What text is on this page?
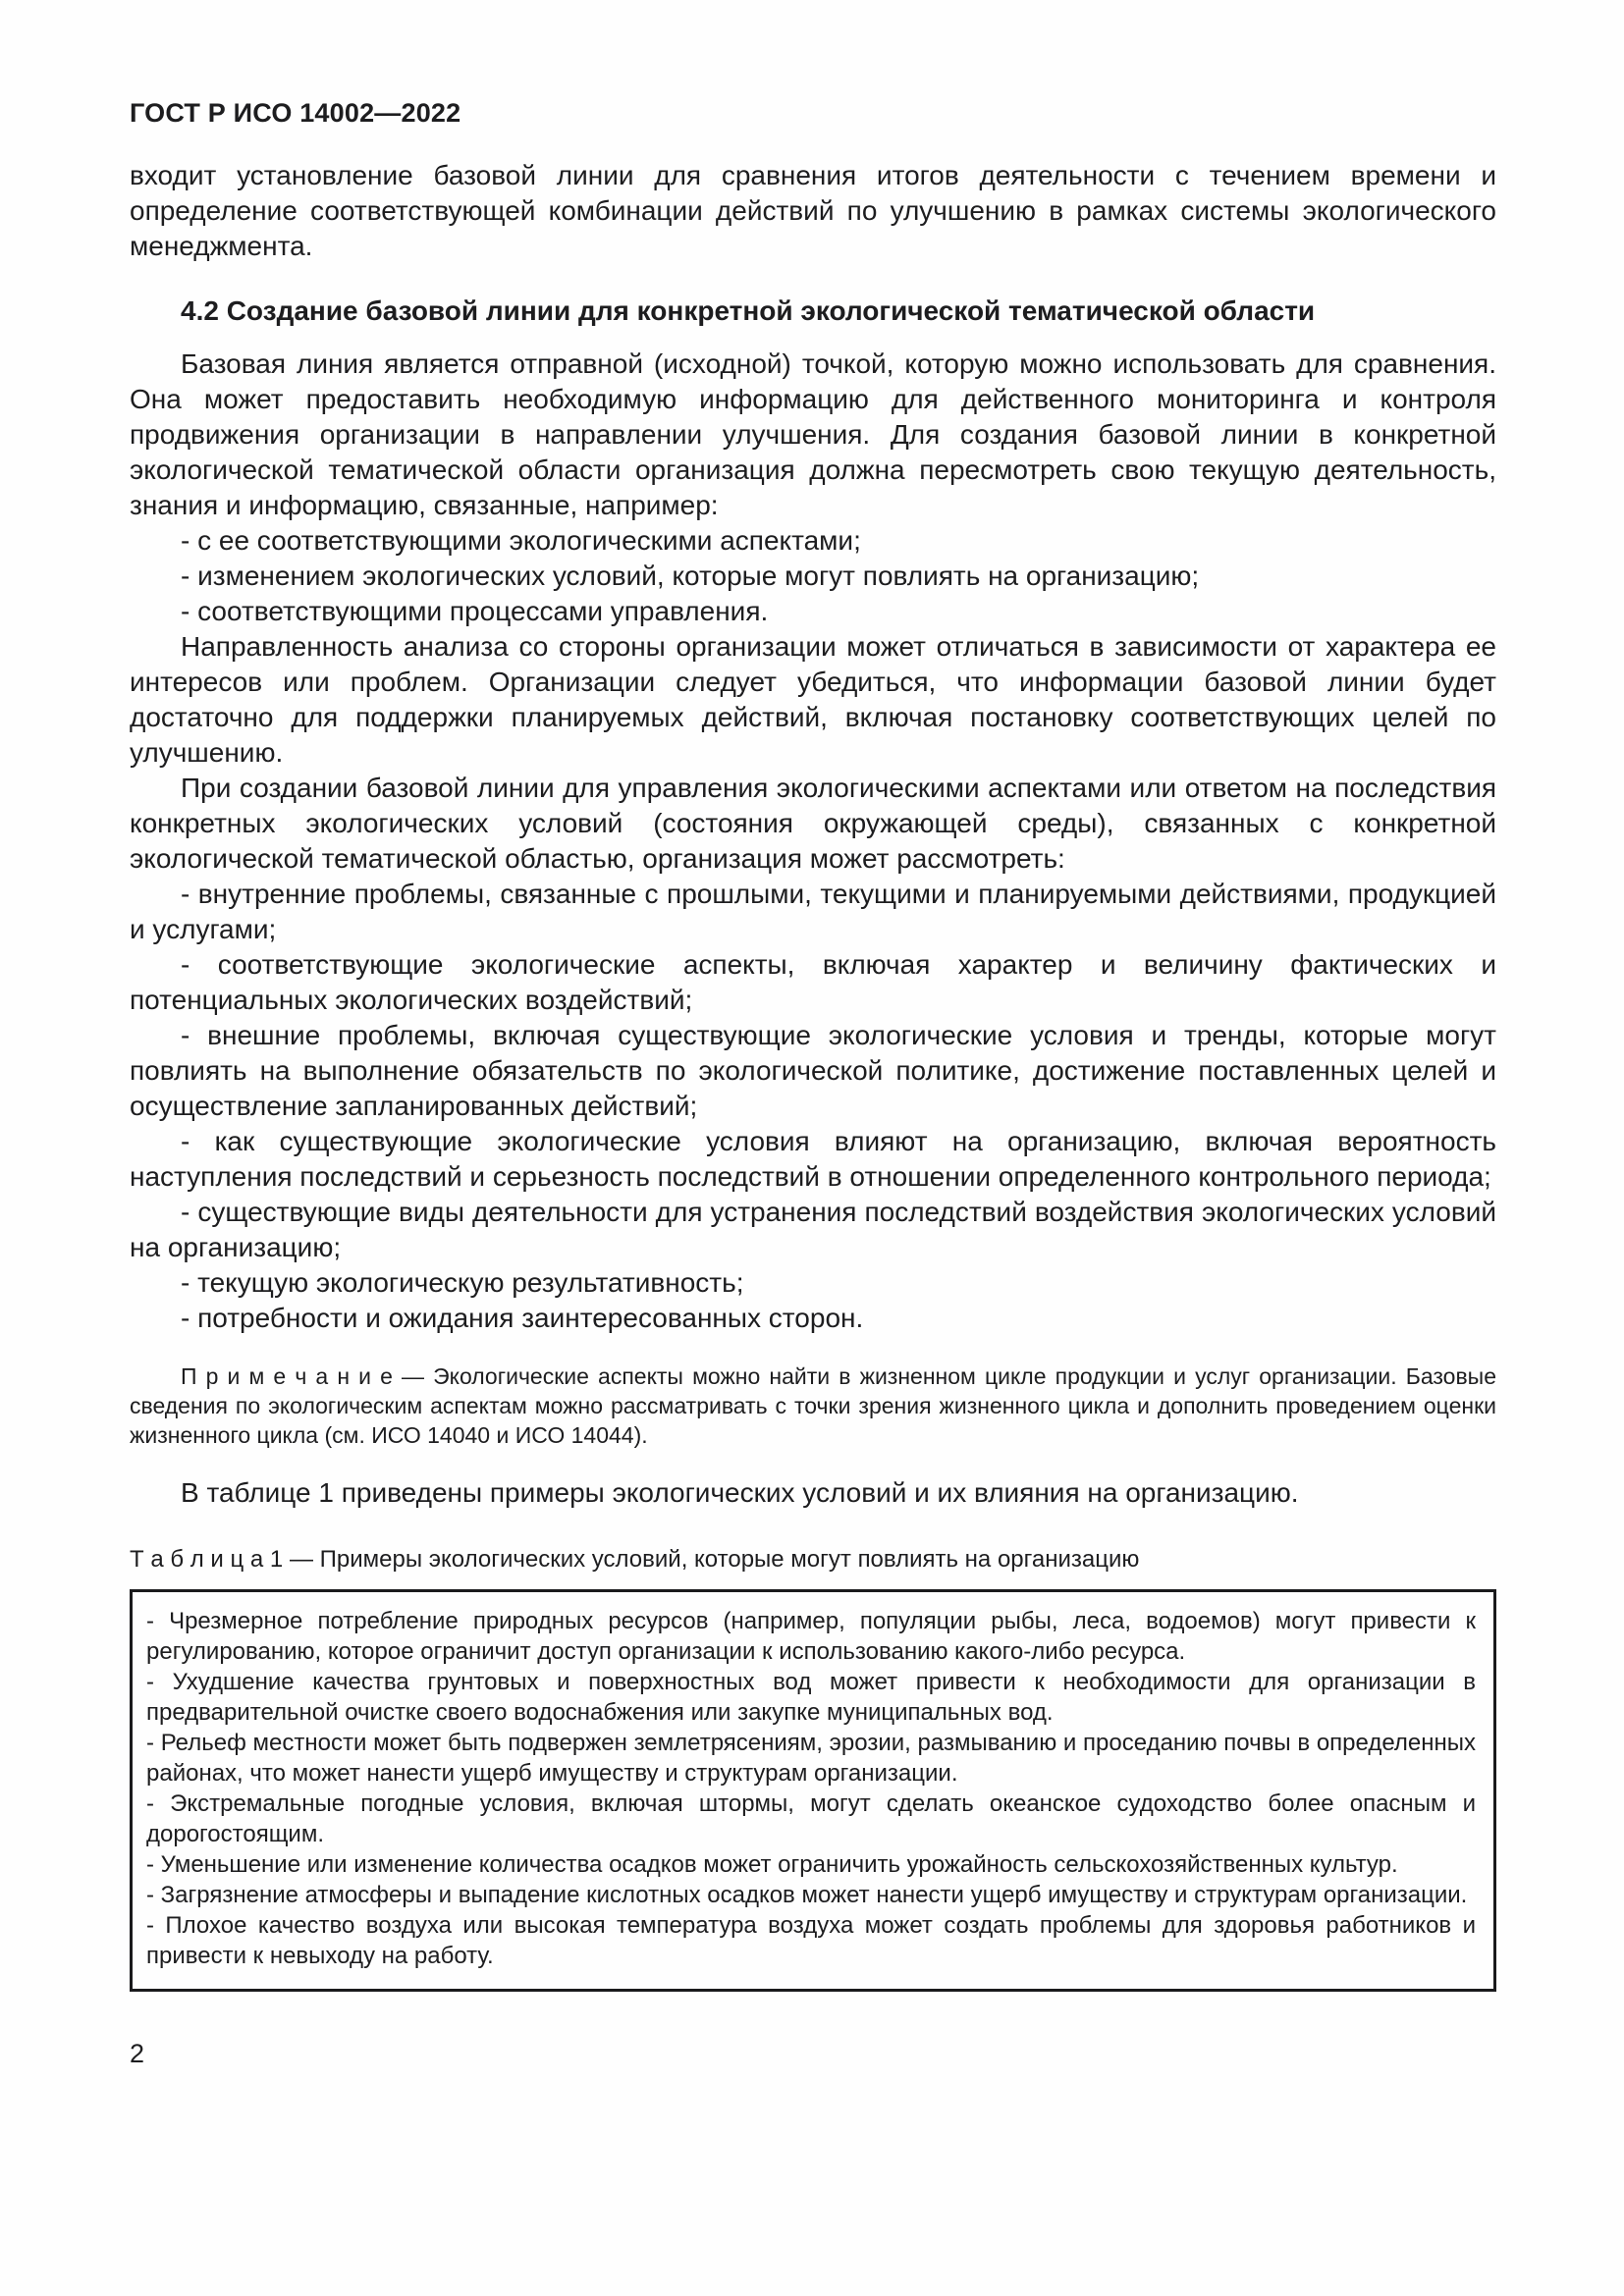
ГОСТ Р ИСО 14002—2022

входит установление базовой линии для сравнения итогов деятельности с течением времени и определение соответствующей комбинации действий по улучшению в рамках системы экологического менеджмента.

4.2 Создание базовой линии для конкретной экологической тематической области

Базовая линия является отправной (исходной) точкой, которую можно использовать для сравнения. Она может предоставить необходимую информацию для действенного мониторинга и контроля продвижения организации в направлении улучшения. Для создания базовой линии в конкретной экологической тематической области организация должна пересмотреть свою текущую деятельность, знания и информацию, связанные, например:

- с ее соответствующими экологическими аспектами;

- изменением экологических условий, которые могут повлиять на организацию;

- соответствующими процессами управления.

Направленность анализа со стороны организации может отличаться в зависимости от характера ее интересов или проблем. Организации следует убедиться, что информации базовой линии будет достаточно для поддержки планируемых действий, включая постановку соответствующих целей по улучшению.

При создании базовой линии для управления экологическими аспектами или ответом на последствия конкретных экологических условий (состояния окружающей среды), связанных с конкретной экологической тематической областью, организация может рассмотреть:

- внутренние проблемы, связанные с прошлыми, текущими и планируемыми действиями, продукцией и услугами;

- соответствующие экологические аспекты, включая характер и величину фактических и потенциальных экологических воздействий;

- внешние проблемы, включая существующие экологические условия и тренды, которые могут повлиять на выполнение обязательств по экологической политике, достижение поставленных целей и осуществление запланированных действий;

- как существующие экологические условия влияют на организацию, включая вероятность наступления последствий и серьезность последствий в отношении определенного контрольного периода;

- существующие виды деятельности для устранения последствий воздействия экологических условий на организацию;

- текущую экологическую результативность;

- потребности и ожидания заинтересованных сторон.

П р и м е ч а н и е — Экологические аспекты можно найти в жизненном цикле продукции и услуг организации. Базовые сведения по экологическим аспектам можно рассматривать с точки зрения жизненного цикла и дополнить проведением оценки жизненного цикла (см. ИСО 14040 и ИСО 14044).

В таблице 1 приведены примеры экологических условий и их влияния на организацию.

Т а б л и ц а 1 — Примеры экологических условий, которые могут повлиять на организацию

- Чрезмерное потребление природных ресурсов (например, популяции рыбы, леса, водоемов) могут привести к регулированию, которое ограничит доступ организации к использованию какого-либо ресурса.

- Ухудшение качества грунтовых и поверхностных вод может привести к необходимости для организации в предварительной очистке своего водоснабжения или закупке муниципальных вод.

- Рельеф местности может быть подвержен землетрясениям, эрозии, размыванию и проседанию почвы в определенных районах, что может нанести ущерб имуществу и структурам организации.

- Экстремальные погодные условия, включая штормы, могут сделать океанское судоходство более опасным и дорогостоящим.

- Уменьшение или изменение количества осадков может ограничить урожайность сельскохозяйственных культур.

- Загрязнение атмосферы и выпадение кислотных осадков может нанести ущерб имуществу и структурам организации.

- Плохое качество воздуха или высокая температура воздуха может создать проблемы для здоровья работников и привести к невыходу на работу.

2
